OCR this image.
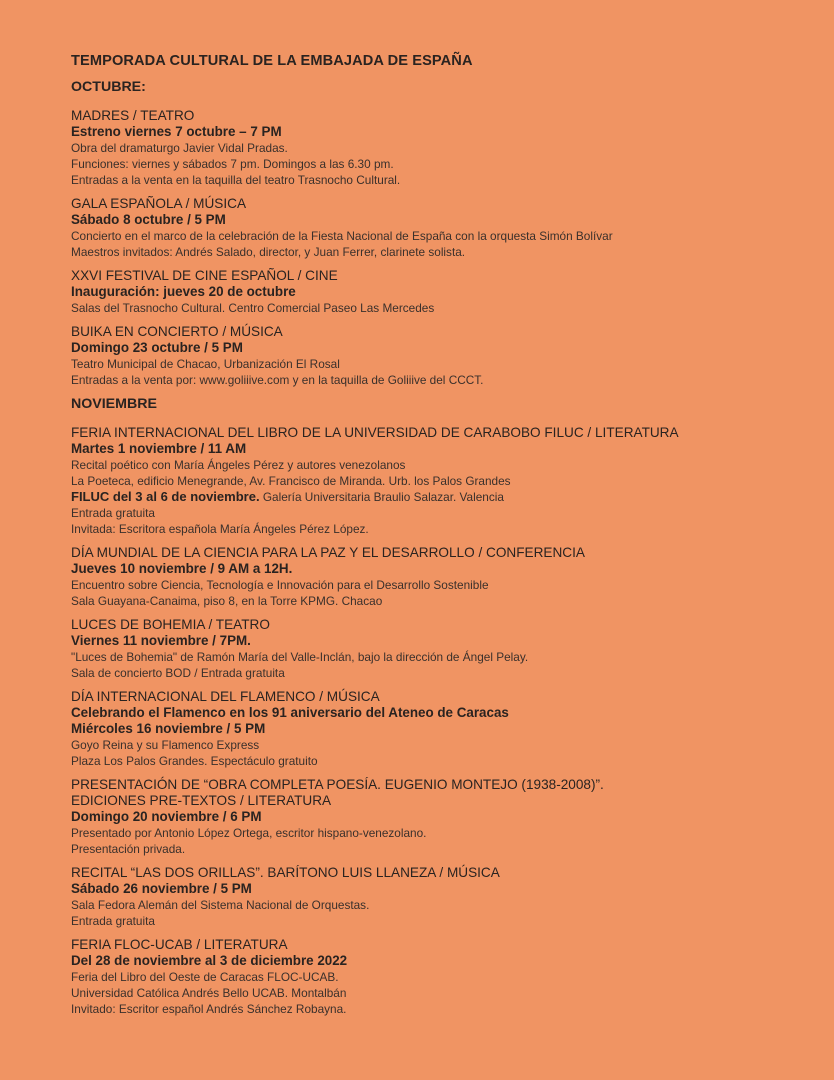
TEMPORADA CULTURAL DE LA EMBAJADA DE ESPAÑA
OCTUBRE:
MADRES / TEATRO
Estreno viernes 7 octubre – 7 PM
Obra del dramaturgo Javier Vidal Pradas.
Funciones: viernes y sábados 7 pm. Domingos a las 6.30 pm.
Entradas a la venta en la taquilla del teatro Trasnocho Cultural.
GALA ESPAÑOLA / MÚSICA
Sábado 8 octubre / 5 PM
Concierto en el marco de la celebración de la Fiesta Nacional de España con la orquesta Simón Bolívar
Maestros invitados: Andrés Salado, director, y Juan Ferrer, clarinete solista.
XXVI FESTIVAL DE CINE ESPAÑOL / CINE
Inauguración: jueves 20 de octubre
Salas del Trasnocho Cultural. Centro Comercial Paseo Las Mercedes
BUIKA EN CONCIERTO / MÚSICA
Domingo 23 octubre / 5 PM
Teatro Municipal de Chacao, Urbanización El Rosal
Entradas a la venta por: www.goliiive.com y en la taquilla de Goliiive del CCCT.
NOVIEMBRE
FERIA INTERNACIONAL DEL LIBRO DE LA UNIVERSIDAD DE CARABOBO FILUC / LITERATURA
Martes 1 noviembre / 11 AM
Recital poético con María Ángeles Pérez y autores venezolanos
La Poeteca, edificio Menegrande, Av. Francisco de Miranda. Urb. los Palos Grandes
FILUC del 3 al 6 de noviembre. Galería Universitaria Braulio Salazar. Valencia
Entrada gratuita
Invitada: Escritora española María Ángeles Pérez López.
DÍA MUNDIAL DE LA CIENCIA PARA LA PAZ Y EL DESARROLLO / CONFERENCIA
Jueves 10 noviembre / 9 AM a 12H.
Encuentro sobre Ciencia, Tecnología e Innovación para el Desarrollo Sostenible
Sala Guayana-Canaima, piso 8, en la Torre KPMG. Chacao
LUCES DE BOHEMIA / TEATRO
Viernes 11 noviembre / 7PM.
"Luces de Bohemia" de Ramón María del Valle-Inclán, bajo la dirección de Ángel Pelay.
Sala de concierto BOD / Entrada gratuita
DÍA INTERNACIONAL DEL FLAMENCO / MÚSICA
Celebrando el Flamenco en los 91 aniversario del Ateneo de Caracas
Miércoles 16 noviembre / 5 PM
Goyo Reina y su Flamenco Express
Plaza Los Palos Grandes. Espectáculo gratuito
PRESENTACIÓN DE “OBRA COMPLETA POESÍA. EUGENIO MONTEJO (1938-2008)”.
EDICIONES PRE-TEXTOS / LITERATURA
Domingo 20 noviembre / 6 PM
Presentado por Antonio López Ortega, escritor hispano-venezolano.
Presentación privada.
RECITAL “LAS DOS ORILLAS”. BARÍTONO LUIS LLANEZA / MÚSICA
Sábado 26 noviembre / 5 PM
Sala Fedora Alemán del Sistema Nacional de Orquestas.
Entrada gratuita
FERIA FLOC-UCAB / LITERATURA
Del 28 de noviembre al 3 de diciembre 2022
Feria del Libro del Oeste de Caracas FLOC-UCAB.
Universidad Católica Andrés Bello UCAB. Montalbán
Invitado: Escritor español Andrés Sánchez Robayna.
